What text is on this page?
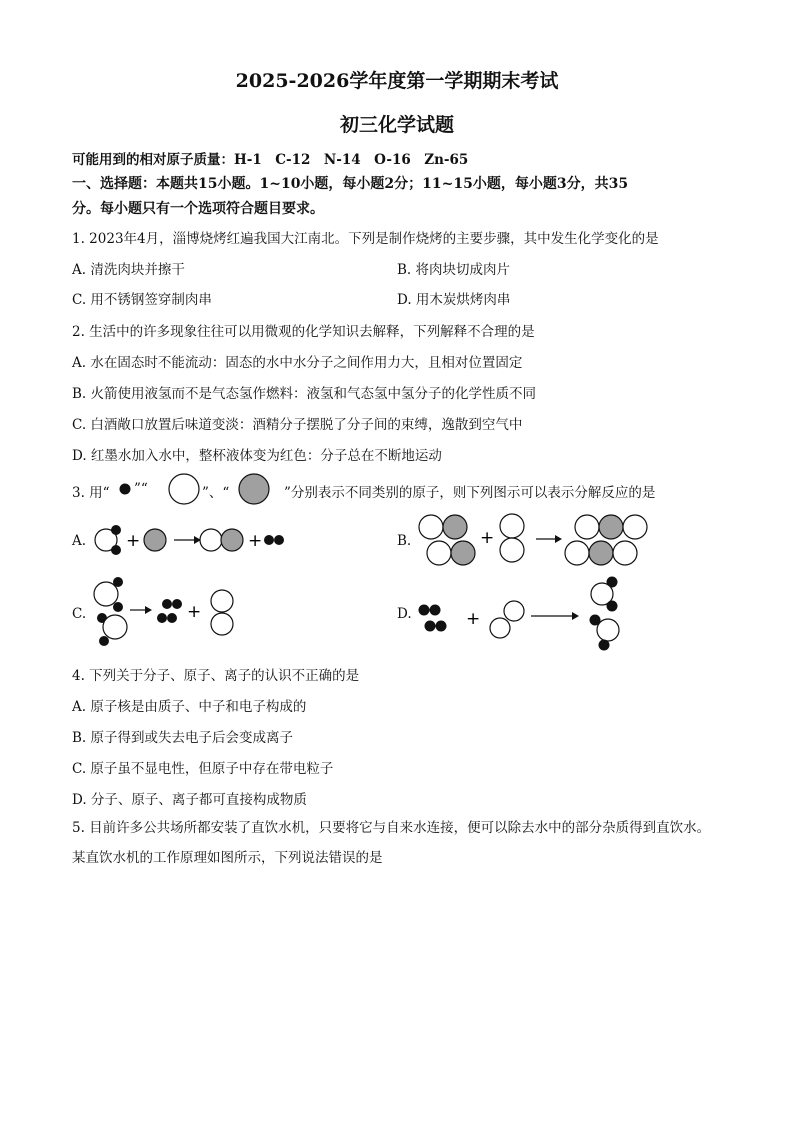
2025-2026学年度第一学期期末考试
初三化学试题
可能用到的相对原子质量：H-1　C-12　N-14　O-16　Zn-65
一、选择题：本题共15小题。1~10小题，每小题2分；11~15小题，每小题3分，共35
分。每小题只有一个选项符合题目要求。
1. 2023年4月，淄博烧烤红遍我国大江南北。下列是制作烧烤的主要步骤，其中发生化学变化的是
A. 清洗肉块并擦干	B. 将肉块切成肉片
C. 用不锈钢签穿制肉串	D. 用木炭烘烤肉串
2. 生活中的许多现象往往可以用微观的化学知识去解释，下列解释不合理的是
A. 水在固态时不能流动：固态的水中水分子之间作用力大，且相对位置固定
B. 火箭使用液氢而不是气态氢作燃料：液氢和气态氢中氢分子的化学性质不同
C. 白酒敞口放置后味道变淡：酒精分子摆脱了分子间的束缚，逸散到空气中
D. 红墨水加入水中，整杯液体变为红色：分子总在不断地运动
3. 用“ ”“	”、“	”分别表示不同类别的原子，则下列图示可以表示分解反应的是
A. +	+	B.	+
C.	+	D.	+
4. 下列关于分子、原子、离子的认识不正确的是
A. 原子核是由质子、中子和电子构成的
B. 原子得到或失去电子后会变成离子
C. 原子虽不显电性，但原子中存在带电粒子
D. 分子、原子、离子都可直接构成物质
5. 目前许多公共场所都安装了直饮水机，只要将它与自来水连接，便可以除去水中的部分杂质得到直饮水。某直饮水机的工作原理如图所示，下列说法错误的是
